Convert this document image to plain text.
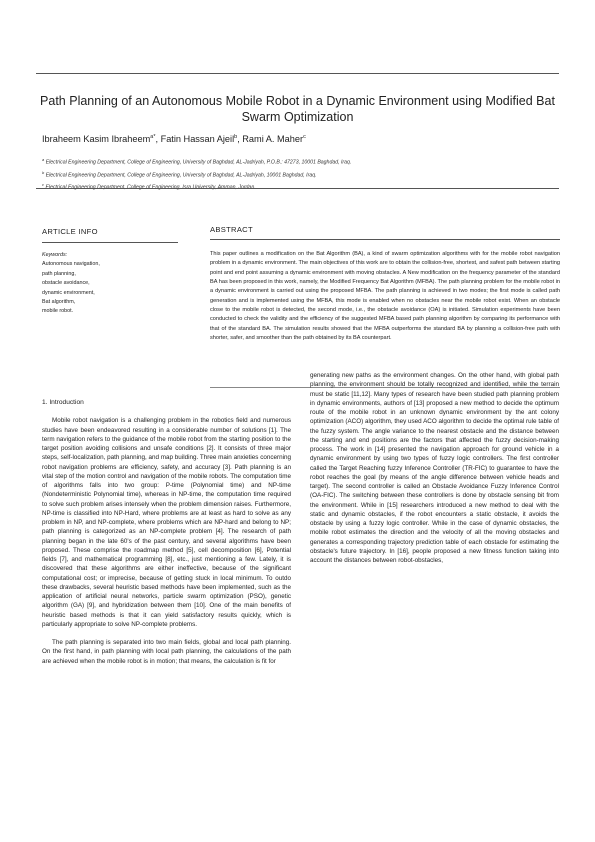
Path Planning of an Autonomous Mobile Robot in a Dynamic Environment using Modified Bat Swarm Optimization
Ibraheem Kasim Ibraheem$^{a*}$, Fatin Hassan Ajeil$^b$, Rami A. Maher$^c$
$^a$ Electrical Engineering Department, College of Engineering, University of Baghdad, AL-Jadriyah, P.O.B.: 47273, 10001 Baghdad, Iraq.
$^b$ Electrical Engineering Department, College of Engineering, University of Baghdad, AL-Jadriyah, 10001 Baghdad, Iraq.
$^c$
ARTICLE INFO
Keywords:
Autonomous navigation,
path planning,
obstacle avoidance,
dynamic environment,
Bat algorithm,
mobile robot.
ABSTRACT

This paper outlines a modification on the Bat Algorithm (BA), a kind of swarm optimization algorithms with for the mobile robot navigation problem in a dynamic environment. The main objectives of this work are to obtain the collision-free, shortest, and safest path between starting point and end point assuming a dynamic environment with moving obstacles. A New modification on the frequency parameter of the standard BA has been proposed in this work, namely, the Modified Frequency Bat Algorithm (MFBA). The path planning problem for the mobile robot in a dynamic environment is carried out using the proposed MFBA. The path planning is achieved in two modes; the first mode is called path generation and is implemented using the MFBA, this mode is enabled when no obstacles near the mobile robot exist. When an obstacle close to the mobile robot is detected, the second mode, i.e., the obstacle avoidance (OA) is initiated. Simulation experiments have been conducted to check the validity and the efficiency of the suggested MFBA based path planning algorithm by comparing its performance with that of the standard BA. The simulation results showed that the MFBA outperforms the standard BA by planning a collision-free path with shorter, safer, and smoother than the path obtained by its BA counterpart.

1. Introduction

Mobile robot navigation is a challenging problem in the robotics field and numerous studies have been endeavored resulting in a considerable number of solutions [1]. The term navigation refers to the guidance of the mobile robot from the starting position to the target position avoiding collisions and unsafe conditions [2]. It consists of three major steps, self-localization, path planning, and map building. Three main anxieties concerning robot navigation problems are efficiency, safety, and accuracy [3]. Path planning is an vital step of the motion control and navigation of the mobile robots. The computation time of algorithms falls into two group: P-time (Polynomial time) and NP-time (Nondeterministic Polynomial time), whereas in NP-time, the computation time required to solve such problem arises intensely when the problem dimension raises. Furthermore, NP-time is classified into NP-Hard, where problems are at least as hard to solve as any problem in NP, and NP-complete, where problems which are NP-hard and belong to NP; path planning is categorized as an NP-complete problem [4]. The research of path planning began in the late 60's of the past century, and several algorithms have been proposed. These comprise the roadmap method [5], cell decomposition [6], Potential fields [7], and mathematical programming [8], etc., just mentioning a few. Lately, it is discovered that these algorithms are either ineffective, because of the significant computational cost; or imprecise, because of getting stuck in local minimum. To outdo these drawbacks, several heuristic based methods have been implemented, such as the application of artificial neural networks, particle swarm optimization (PSO), genetic algorithm (GA) [9], and hybridization between them [10]. One of the main benefits of heuristic based methods is that it can yield satisfactory results quickly, which is particularly appropriate to solve NP-complete problems.

The path planning is separated into two main fields, global and local path planning. On the first hand, in path planning with local path planning, the calculations of the path are achieved when the mobile robot is in motion; that means, the calculation is fit for

generating new paths as the environment changes. On the other hand, with global path planning, the environment should be totally recognized and identified, while the terrain must be static [11,12]. Many types of research have been studied path planning problem in dynamic environments, authors of [13] proposed a new method to decide the optimum route of the mobile robot in an unknown dynamic environment by the ant colony optimization (ACO) algorithm, they used ACO algorithm to decide the optimal rule table of the fuzzy system. The angle variance to the nearest obstacle and the distance between the starting and end positions are the factors that affected the fuzzy decision-making process. The work in [14] presented the navigation approach for ground vehicle in a dynamic environment by using two types of fuzzy logic controllers. The first controller called the Target Reaching fuzzy Inference Controller (TR-FIC) to guarantee to have the robot reaches the goal (by means of the angle difference between vehicle heads and target). The second controller is called an Obstacle Avoidance Fuzzy Inference Control (OA-FIC). The switching between these controllers is done by obstacle sensing bit from the environment. While in [15] researchers introduced a new method to deal with the static and dynamic obstacles, if the robot encounters a static obstacle, it avoids the obstacle by using a fuzzy logic controller. While in the case of dynamic obstacles, the mobile robot estimates the direction and the velocity of all the moving obstacles and generates a corresponding trajectory prediction table of each obstacle for estimating the obstacle's future trajectory. In [16], people proposed a new fitness function taking into account the distances between robot-obstacles,
